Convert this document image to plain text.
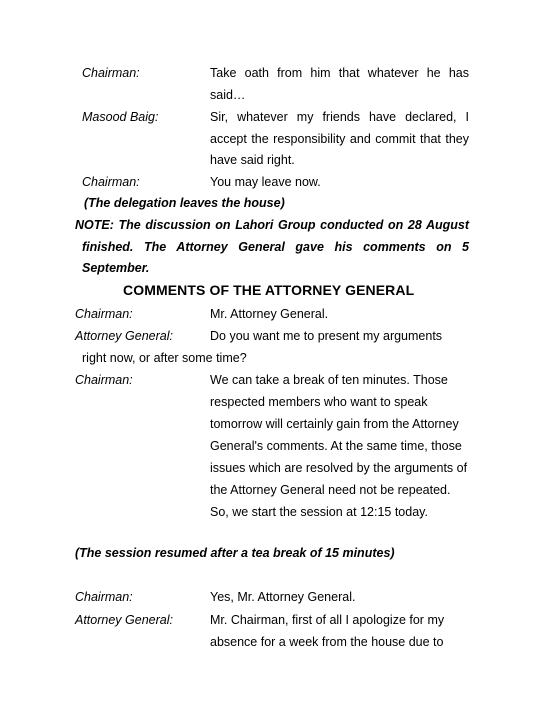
Chairman:	Take oath from him that whatever he has

said…

Masood Baig:	Sir, whatever my friends have declared, I

accept the responsibility and commit that they

have said right.

Chairman:	You may leave now.

(The delegation leaves the house)

NOTE: The discussion on Lahori Group conducted on 28 August

finished. The Attorney General gave his comments on 5

September.

COMMENTS OF THE ATTORNEY GENERAL

Chairman:	Mr. Attorney General.

Attorney General:	Do you want me to present my arguments

right now, or after some time?

Chairman:	We can take a break of ten minutes. Those

respected members who want to speak

tomorrow will certainly gain from the Attorney

General's comments. At the same time, those

issues which are resolved by the arguments of

the Attorney General need not be repeated.

So, we start the session at 12:15 today.

(The session resumed after a tea break of 15 minutes)

Chairman:	Yes, Mr. Attorney General.

Attorney General:	Mr. Chairman, first of all I apologize for my

absence for a week from the house due to
